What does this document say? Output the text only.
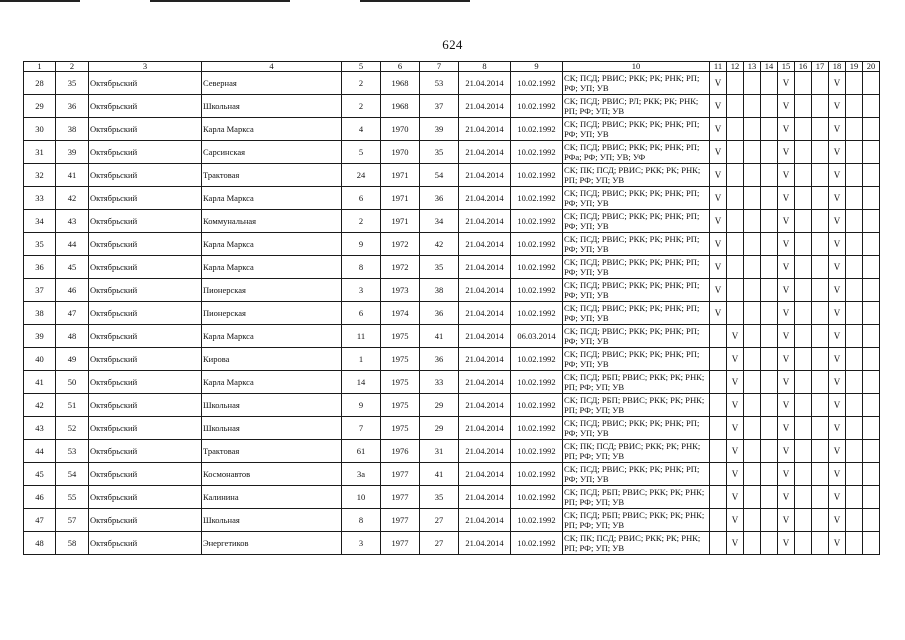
624
1	2	3	4	5	6	7	8	9	10	11	12	13	14	15	16	17	18	19	20
28	35	Октябрьский	Северная	2	1968	53	21.04.2014	10.02.1992	СК; ПСД; РВИС; РКК; РК; РНК; РП; РФ; УП; УВ	V				V			V		
29	36	Октябрьский	Школьная	2	1968	37	21.04.2014	10.02.1992	СК; ПСД; РВИС; РЛ; РКК; РК; РНК; РП; РФ; УП; УВ	V				V			V		
30	38	Октябрьский	Карла Маркса	4	1970	39	21.04.2014	10.02.1992	СК; ПСД; РВИС; РКК; РК; РНК; РП; РФ; УП; УВ	V				V			V		
31	39	Октябрьский	Сарсинская	5	1970	35	21.04.2014	10.02.1992	СК; ПСД; РВИС; РКК; РК; РНК; РП; РФа; РФ; УП; УВ; УФ	V				V			V		
32	41	Октябрьский	Трактовая	24	1971	54	21.04.2014	10.02.1992	СК; ПК; ПСД; РВИС; РКК; РК; РНК; РП; РФ; УП; УВ	V				V			V		
33	42	Октябрьский	Карла Маркса	6	1971	36	21.04.2014	10.02.1992	СК; ПСД; РВИС; РКК; РК; РНК; РП; РФ; УП; УВ	V				V			V		
34	43	Октябрьский	Коммунальная	2	1971	34	21.04.2014	10.02.1992	СК; ПСД; РВИС; РКК; РК; РНК; РП; РФ; УП; УВ	V				V			V		
35	44	Октябрьский	Карла Маркса	9	1972	42	21.04.2014	10.02.1992	СК; ПСД; РВИС; РКК; РК; РНК; РП; РФ; УП; УВ	V				V			V		
36	45	Октябрьский	Карла Маркса	8	1972	35	21.04.2014	10.02.1992	СК; ПСД; РВИС; РКК; РК; РНК; РП; РФ; УП; УВ	V				V			V		
37	46	Октябрьский	Пионерская	3	1973	38	21.04.2014	10.02.1992	СК; ПСД; РВИС; РКК; РК; РНК; РП; РФ; УП; УВ	V				V			V		
38	47	Октябрьский	Пионерская	6	1974	36	21.04.2014	10.02.1992	СК; ПСД; РВИС; РКК; РК; РНК; РП; РФ; УП; УВ	V				V			V		
39	48	Октябрьский	Карла Маркса	11	1975	41	21.04.2014	06.03.2014	СК; ПСД; РВИС; РКК; РК; РНК; РП; РФ; УП; УВ		V			V			V		
40	49	Октябрьский	Кирова	1	1975	36	21.04.2014	10.02.1992	СК; ПСД; РВИС; РКК; РК; РНК; РП; РФ; УП; УВ		V			V			V		
41	50	Октябрьский	Карла Маркса	14	1975	33	21.04.2014	10.02.1992	СК; ПСД; РБП; РВИС; РКК; РК; РНК; РП; РФ; УП; УВ		V			V			V		
42	51	Октябрьский	Школьная	9	1975	29	21.04.2014	10.02.1992	СК; ПСД; РБП; РВИС; РКК; РК; РНК; РП; РФ; УП; УВ		V			V			V		
43	52	Октябрьский	Школьная	7	1975	29	21.04.2014	10.02.1992	СК; ПСД; РВИС; РКК; РК; РНК; РП; РФ; УП; УВ		V			V			V		
44	53	Октябрьский	Трактовая	61	1976	31	21.04.2014	10.02.1992	СК; ПК; ПСД; РВИС; РКК; РК; РНК; РП; РФ; УП; УВ		V			V			V		
45	54	Октябрьский	Космонавтов	3а	1977	41	21.04.2014	10.02.1992	СК; ПСД; РВИС; РКК; РК; РНК; РП; РФ; УП; УВ		V			V			V		
46	55	Октябрьский	Калинина	10	1977	35	21.04.2014	10.02.1992	СК; ПСД; РБП; РВИС; РКК; РК; РНК; РП; РФ; УП; УВ		V			V			V		
47	57	Октябрьский	Школьная	8	1977	27	21.04.2014	10.02.1992	СК; ПСД; РБП; РВИС; РКК; РК; РНК; РП; РФ; УП; УВ		V			V			V		
48	58	Октябрьский	Энергетиков	3	1977	27	21.04.2014	10.02.1992	СК; ПК; ПСД; РВИС; РКК; РК; РНК; РП; РФ; УП; УВ		V			V			V		
